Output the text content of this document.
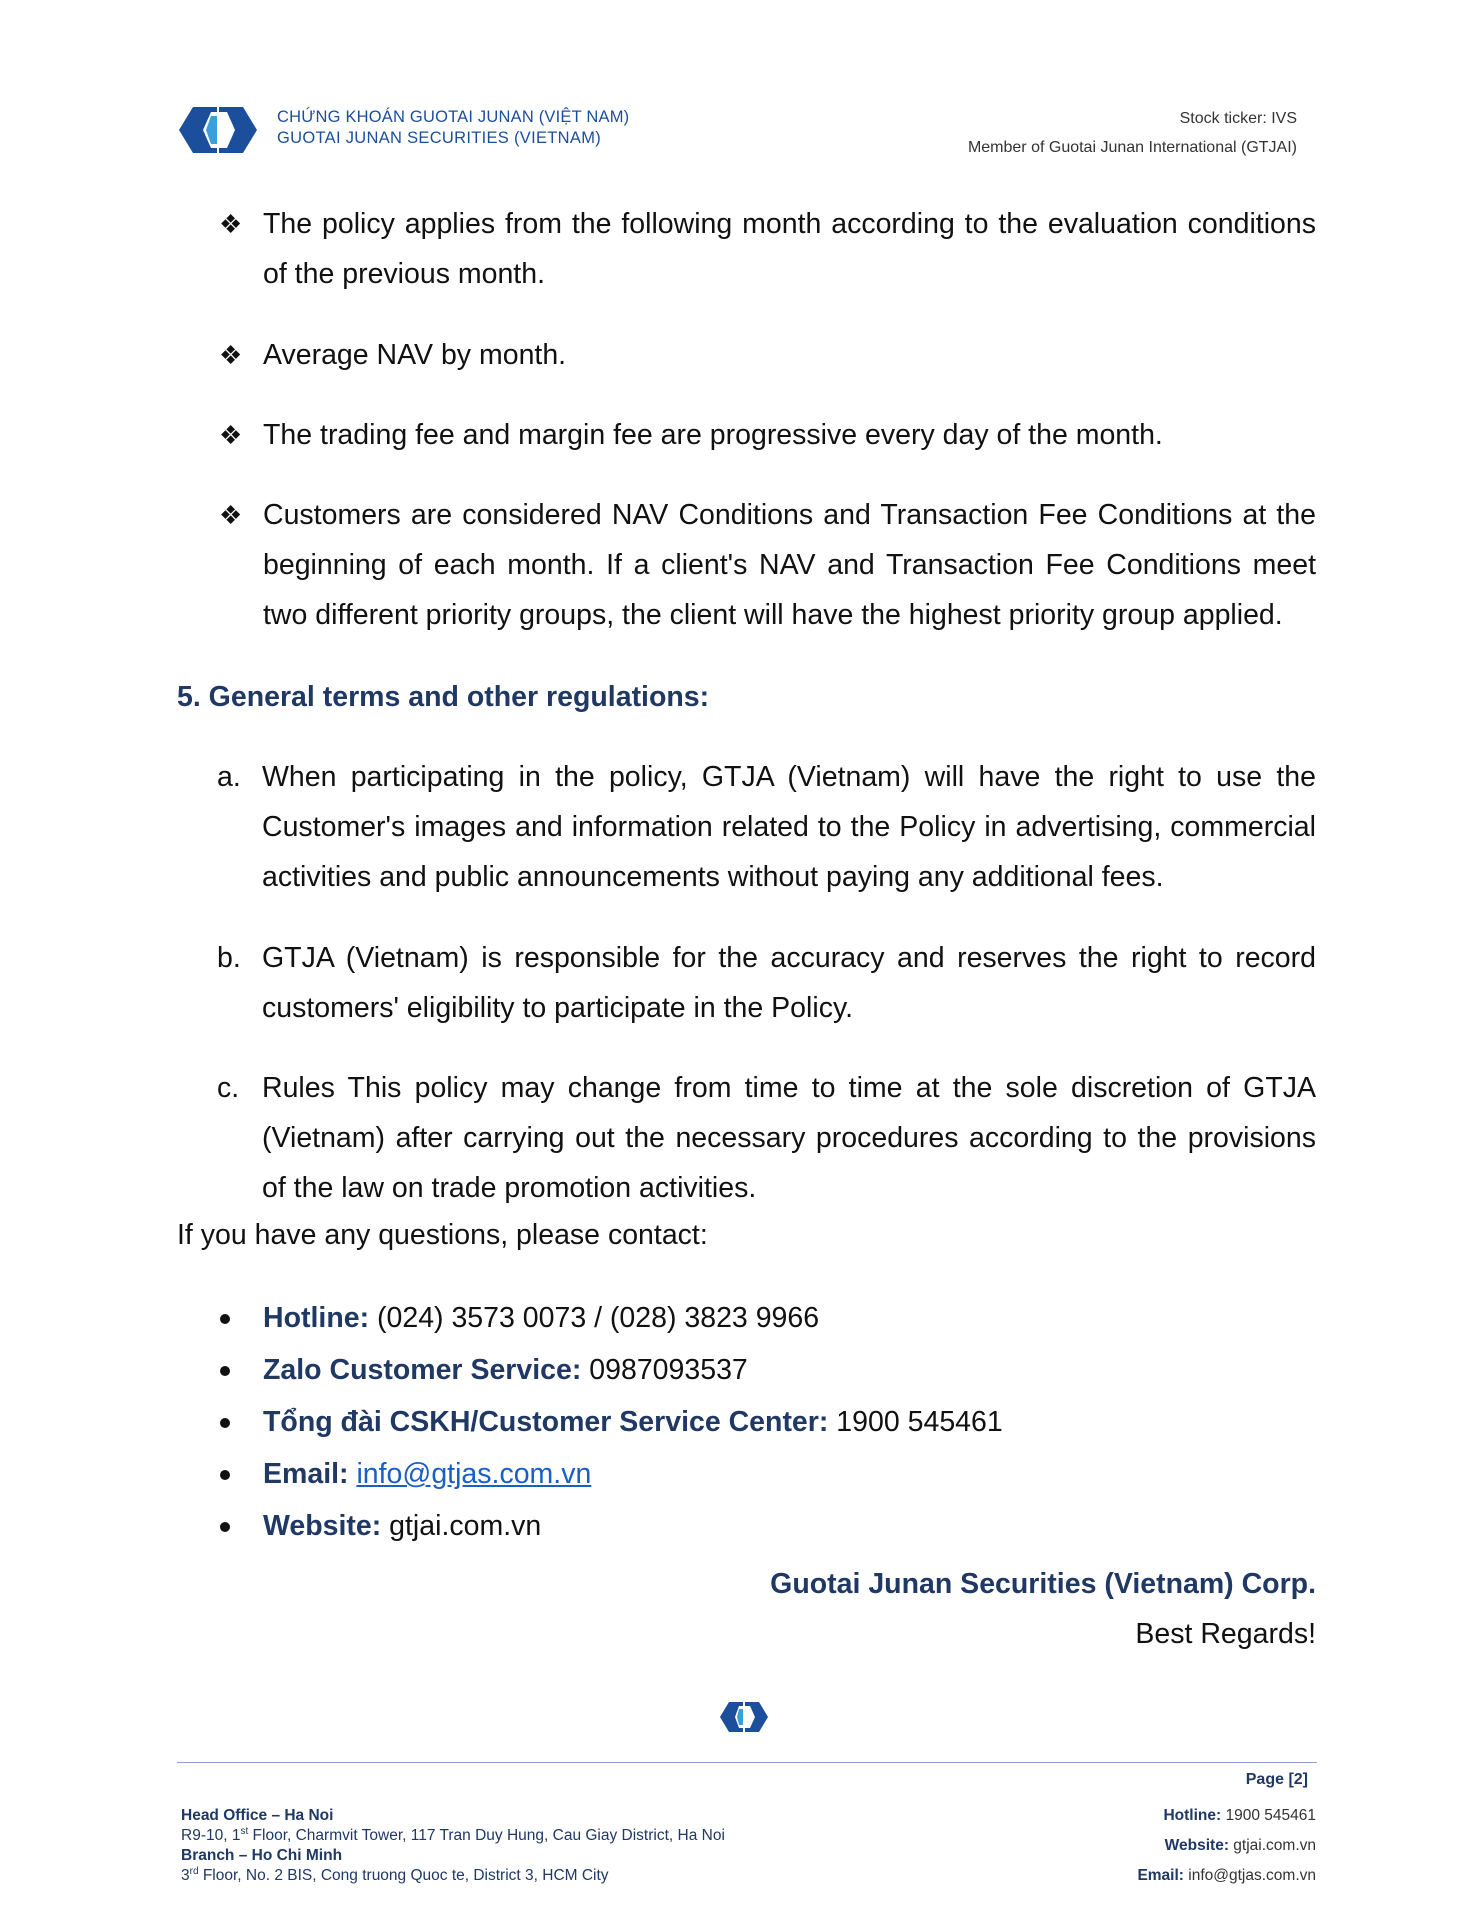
CHỨNG KHOÁN GUOTAI JUNAN (VIỆT NAM)
GUOTAI JUNAN SECURITIES (VIETNAM)
Stock ticker: IVS
Member of Guotai Junan International (GTJAI)
❖ The policy applies from the following month according to the evaluation conditions of the previous month.
❖ Average NAV by month.
❖ The trading fee and margin fee are progressive every day of the month.
❖ Customers are considered NAV Conditions and Transaction Fee Conditions at the beginning of each month. If a client's NAV and Transaction Fee Conditions meet two different priority groups, the client will have the highest priority group applied.
5. General terms and other regulations:
a. When participating in the policy, GTJA (Vietnam) will have the right to use the Customer's images and information related to the Policy in advertising, commercial activities and public announcements without paying any additional fees.
b. GTJA (Vietnam) is responsible for the accuracy and reserves the right to record customers' eligibility to participate in the Policy.
c. Rules This policy may change from time to time at the sole discretion of GTJA (Vietnam) after carrying out the necessary procedures according to the provisions of the law on trade promotion activities.
If you have any questions, please contact:
Hotline: (024) 3573 0073 / (028) 3823 9966
Zalo Customer Service: 0987093537
Tổng đài CSKH/Customer Service Center: 1900 545461
Email: info@gtjas.com.vn
Website: gtjai.com.vn
Guotai Junan Securities (Vietnam) Corp.
Best Regards!
Page [2]
Head Office – Ha Noi
R9-10, 1st Floor, Charmvit Tower, 117 Tran Duy Hung, Cau Giay District, Ha Noi
Branch – Ho Chi Minh
3rd Floor, No. 2 BIS, Cong truong Quoc te, District 3, HCM City
Hotline: 1900 545461
Website: gtjai.com.vn
Email: info@gtjas.com.vn
